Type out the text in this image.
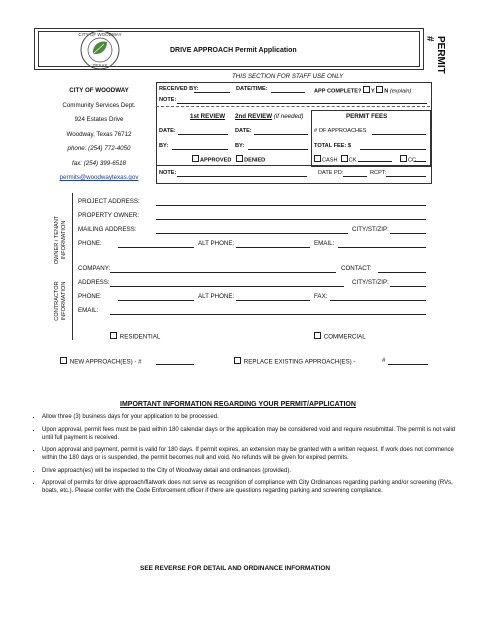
CITY OF WOODWAY
TEXAS
DRIVE APPROACH Permit Application	PERMIT #
THIS SECTION FOR STAFF USE ONLY
CITY OF WOODWAY
Community Services Dept.
924 Estates Drive
Woodway, Texas 76712
phone: (254) 772-4050
fax: (254) 399-6518
permits@woodwaytexas.gov
RECEIVED BY:	DATE/TIME:	APP COMPLETE? Y N (explain)
NOTE:
1st REVIEW 2nd REVIEW (if needed)	PERMIT FEES
DATE:	DATE:	# OF APPROACHES
BY:	BY:	TOTAL FEE: $
APPROVED DENIED	CASH CK	CC
NOTE:	DATE PD:	RCPT:
OWNER / TENANT INFORMATION
PROJECT ADDRESS:
PROPERTY OWNER:
MAILING ADDRESS:	CITY/ST/ZIP:
PHONE:	ALT PHONE:	EMAIL:
CONTRACTOR INFORMATION
COMPANY:	CONTACT:
ADDRESS:	CITY/ST/ZIP:
PHONE:	ALT PHONE:	FAX:
EMAIL:
RESIDENTIAL	COMMERCIAL
NEW APPROACH(ES) - #	REPLACE EXISTING APPROACH(ES) -	#
IMPORTANT INFORMATION REGARDING YOUR PERMIT/APPLICATION
• Allow three (3) business days for your application to be processed.
• Upon approval, permit fees must be paid within 180 calendar days or the application may be considered void and require resubmittal. The permit is not valid until full payment is received.
• Upon approval and payment, permit is valid for 180 days. If permit expires, an extension may be granted with a written request. If work does not commence within the 180 days or is suspended, the permit becomes null and void. No refunds will be given for expired permits.
• Drive approach(es) will be inspected to the City of Woodway detail and ordinances (provided).
• Approval of permits for drive approach/flatwork does not serve as recognition of compliance with City Ordinances regarding parking and/or screening (RVs, boats, etc.). Please confer with the Code Enforcement officer if there are questions regarding parking and screening compliance.
SEE REVERSE FOR DETAIL AND ORDINANCE INFORMATION
